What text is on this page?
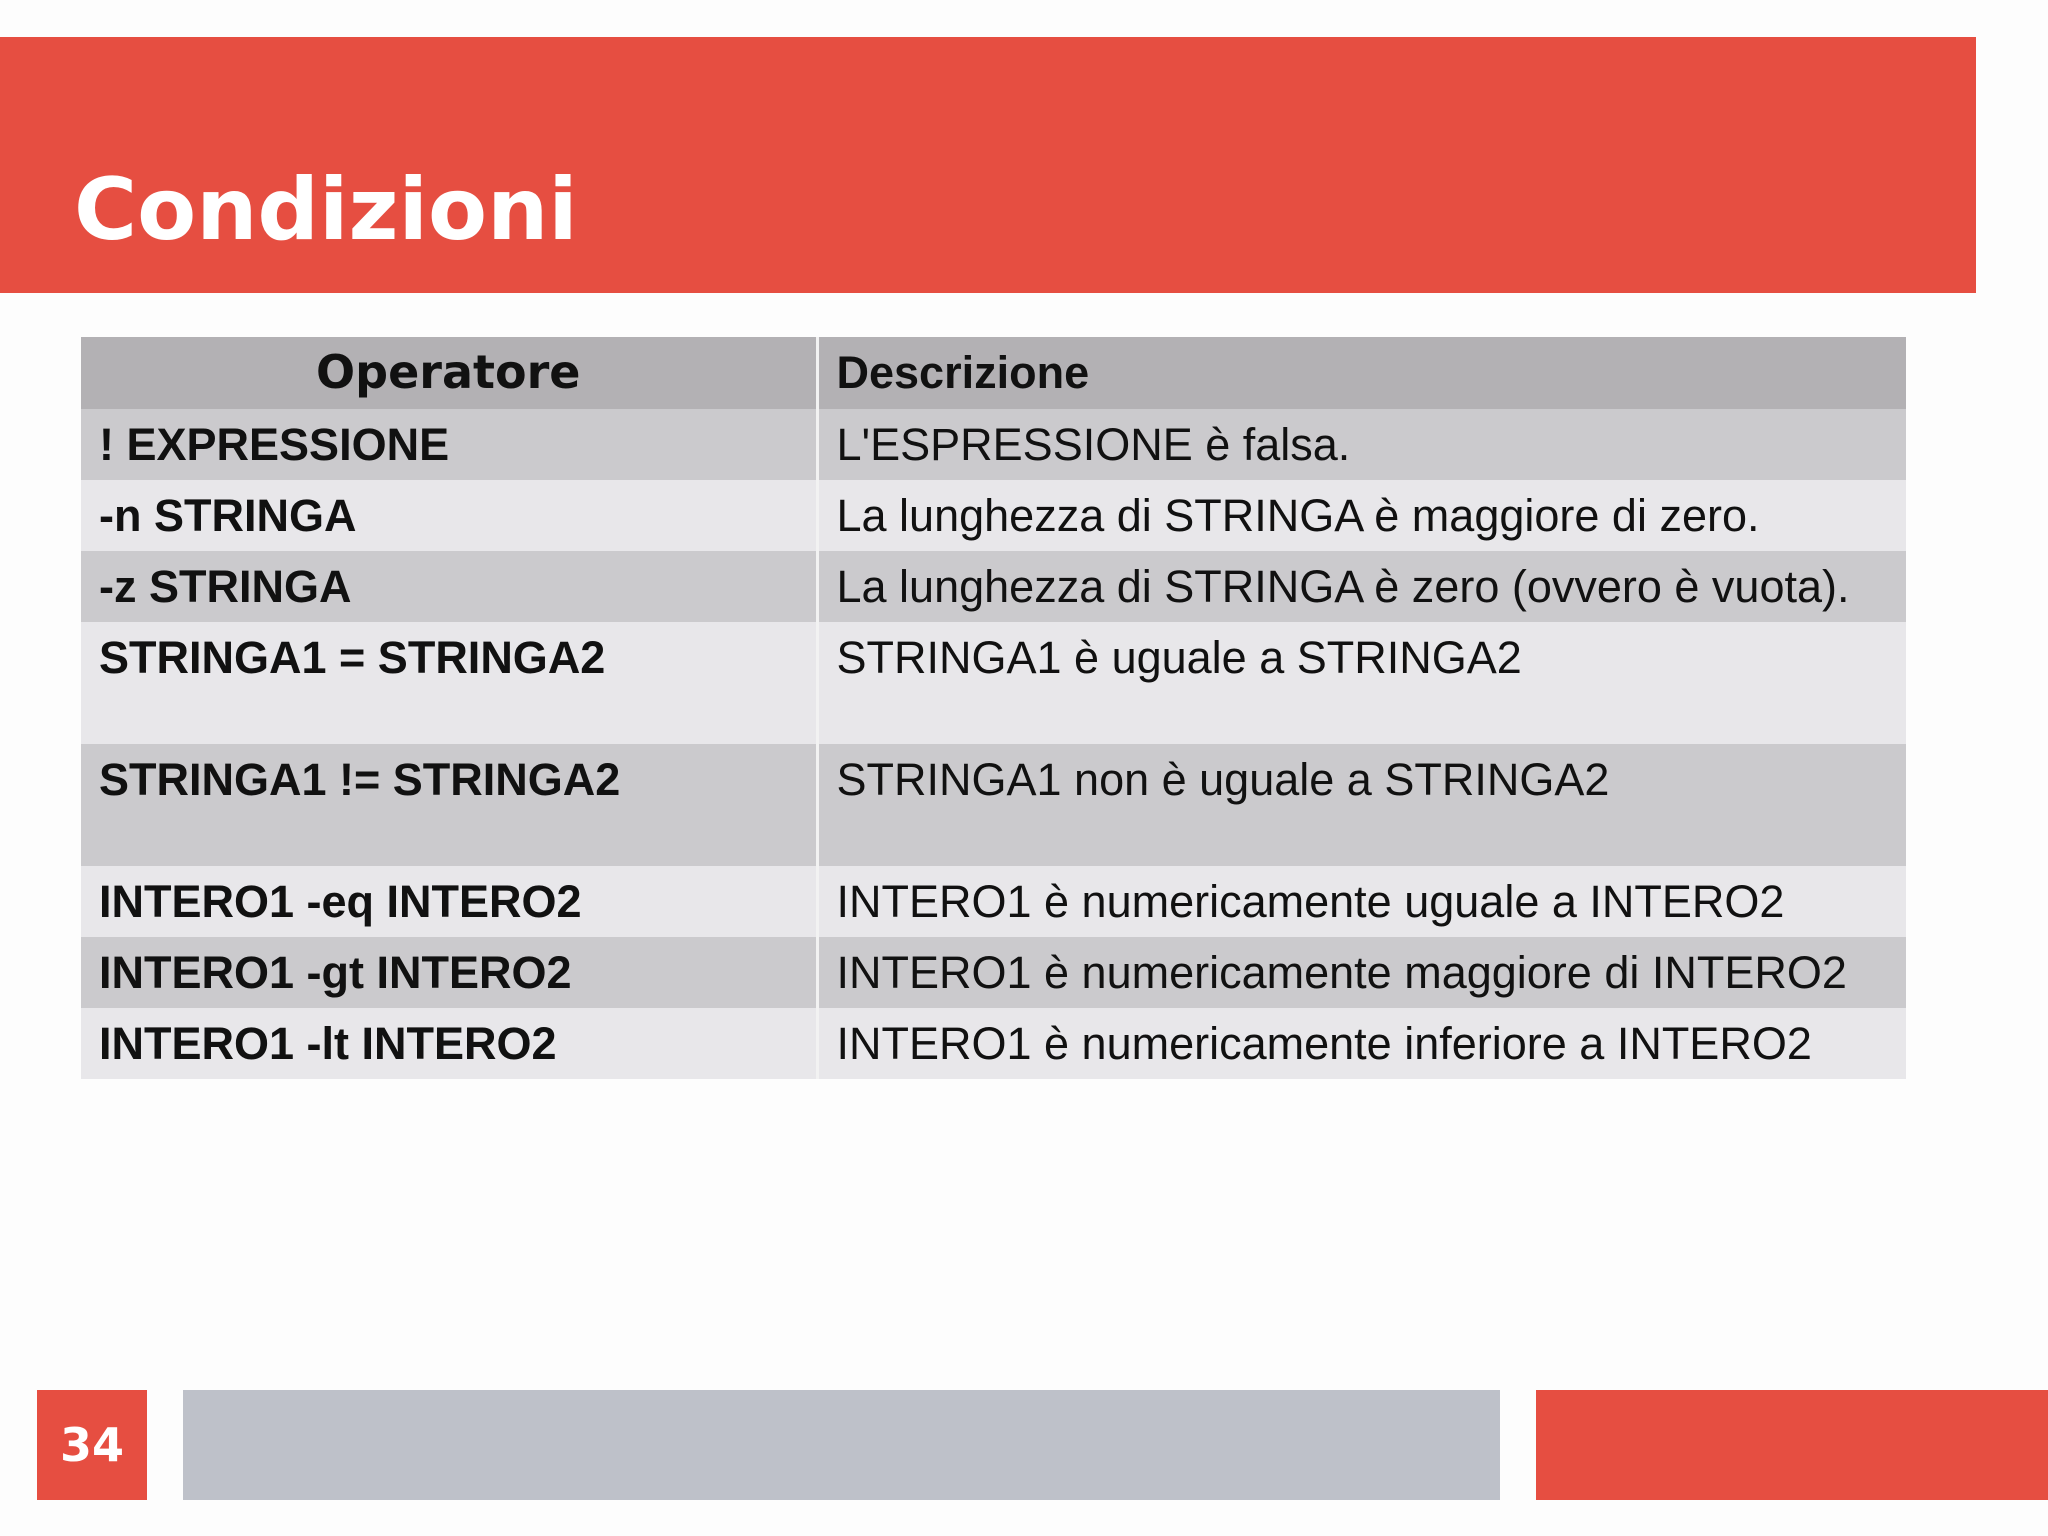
Condizioni
Operatore	Descrizione
! EXPRESSIONE	L'ESPRESSIONE è falsa.
-n STRINGA	La lunghezza di STRINGA è maggiore di zero.
-z STRINGA	La lunghezza di STRINGA è zero (ovvero è vuota).
STRINGA1 = STRINGA2	STRINGA1 è uguale a STRINGA2
STRINGA1 != STRINGA2	STRINGA1 non è uguale a STRINGA2
INTERO1 -eq INTERO2	INTERO1 è numericamente uguale a INTERO2
INTERO1 -gt INTERO2	INTERO1 è numericamente maggiore di INTERO2
INTERO1 -lt INTERO2	INTERO1 è numericamente inferiore a INTERO2
34
